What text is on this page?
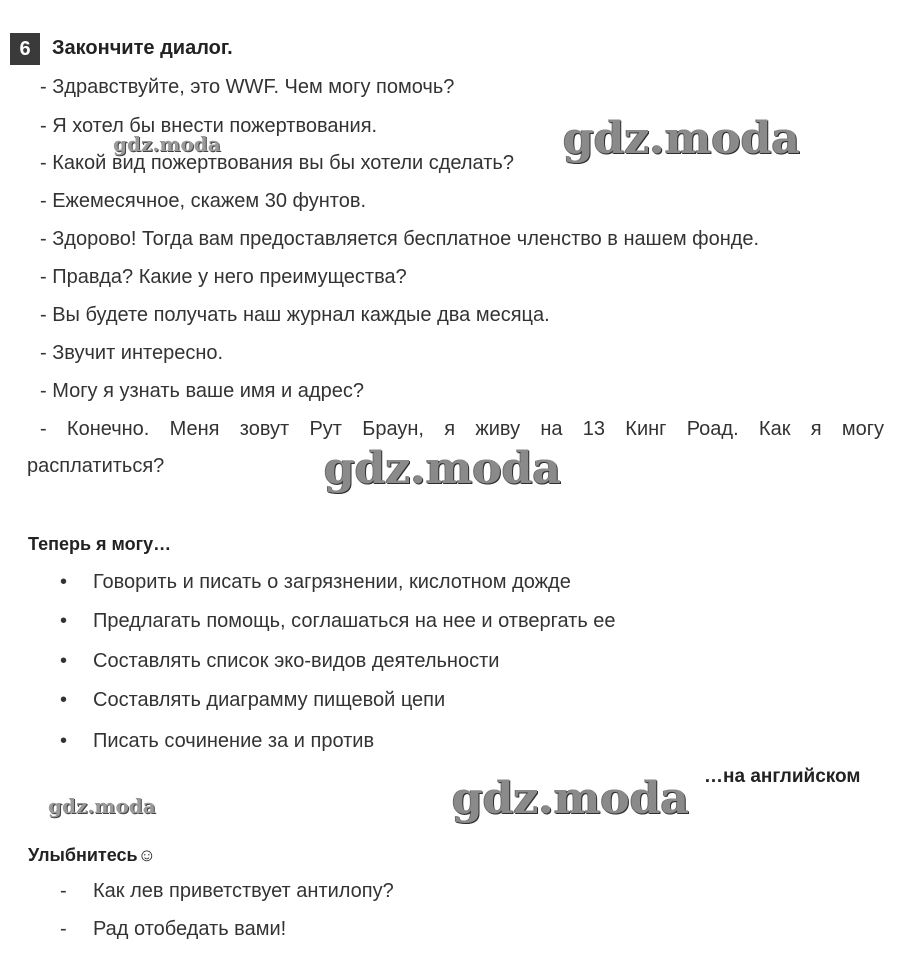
6	Закончите диалог.
- Здравствуйте, это WWF. Чем могу помочь?
- Я хотел бы внести пожертвования.
- Какой вид пожертвования вы бы хотели сделать?
- Ежемесячное, скажем 30 фунтов.
- Здорово! Тогда вам предоставляется бесплатное членство в нашем фонде.
- Правда? Какие у него преимущества?
- Вы будете получать наш журнал каждые два месяца.
- Звучит интересно.
- Могу я узнать ваше имя и адрес?
- Конечно. Меня зовут Рут Браун, я живу на 13 Кинг Роад. Как я могу
расплатиться?
gdz.moda
gdz.moda
gdz.moda
gdz.moda
gdz.moda
Теперь я могу…
• Говорить и писать о загрязнении, кислотном дожде
• Предлагать помощь, соглашаться на нее и отвергать ее
• Составлять список эко-видов деятельности
• Составлять диаграмму пищевой цепи
• Писать сочинение за и против
…на английском
Улыбнитесь☺
- Как лев приветствует антилопу?
- Рад отобедать вами!
